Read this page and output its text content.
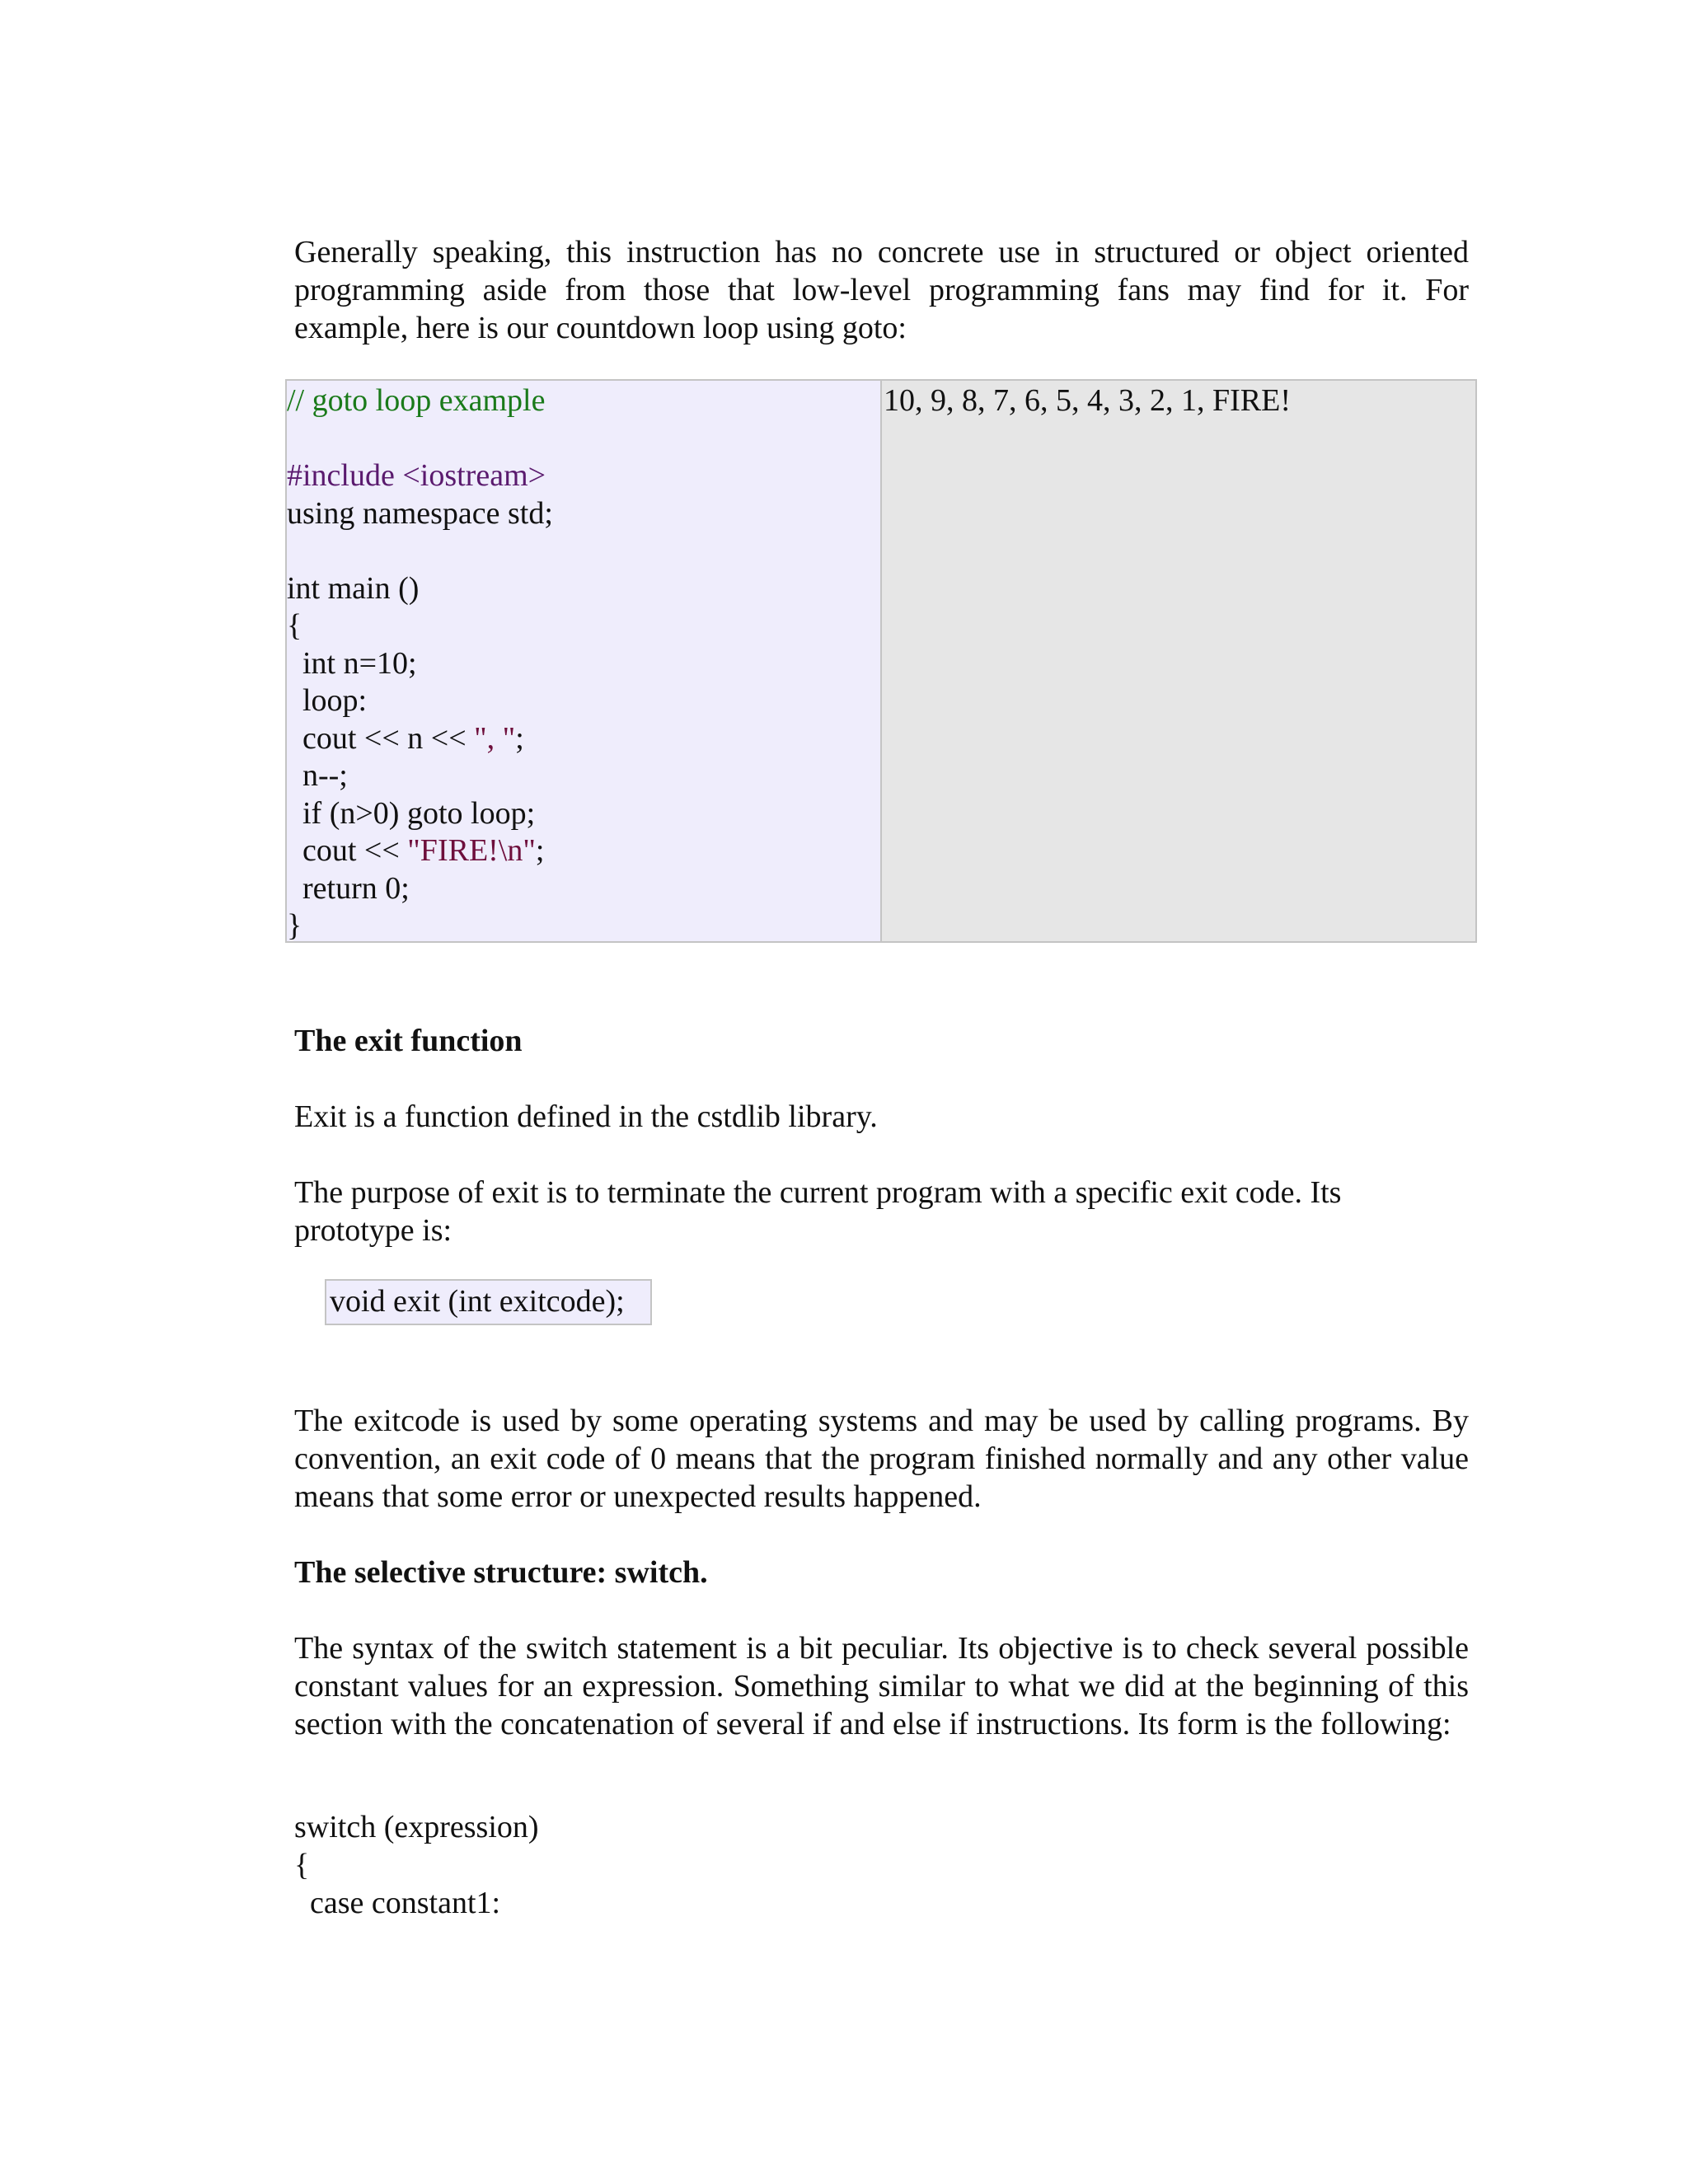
Generally speaking, this instruction has no concrete use in structured or object oriented programming aside from those that low-level programming fans may find for it. For example, here is our countdown loop using goto:

// goto loop example
#include <iostream>
using namespace std;
int main ()
{
int n=10;
loop:
cout << n << ", ";
n--;
if (n>0) goto loop;
cout << "FIRE!\n";
return 0;
}
10, 9, 8, 7, 6, 5, 4, 3, 2, 1, FIRE!

The exit function

Exit is a function defined in the cstdlib library.

The purpose of exit is to terminate the current program with a specific exit code. Its prototype is:

void exit (int exitcode);

The exitcode is used by some operating systems and may be used by calling programs. By convention, an exit code of 0 means that the program finished normally and any other value means that some error or unexpected results happened.

The selective structure: switch.

The syntax of the switch statement is a bit peculiar. Its objective is to check several possible constant values for an expression. Something similar to what we did at the beginning of this section with the concatenation of several if and else if instructions. Its form is the following:

switch (expression)
{
case constant1:
